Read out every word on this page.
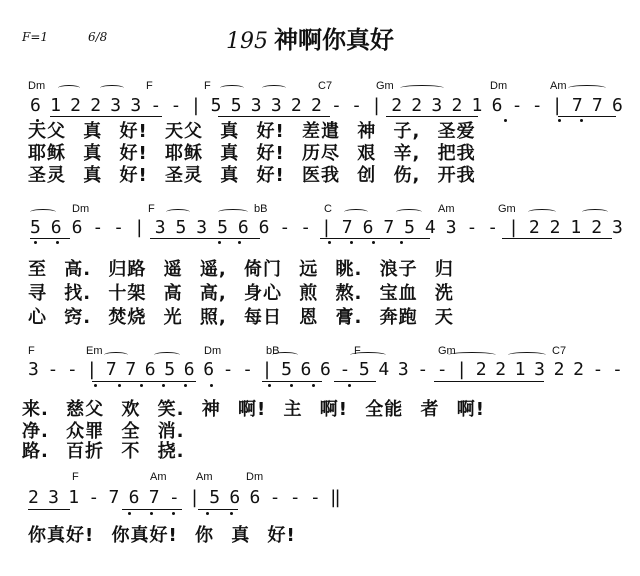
F=1	6/8	195 神啊你真好
Dm	F	F	C7	Gm	Dm	Am
6 1 2 2 3 3 - - | 5 5 3 3 2 2 - - | 2 2 3 2 1 6 - - | 7 7 6
天父 真 好! 天父 真 好! 差遣 神 子, 圣爱
耶稣 真 好! 耶稣 真 好! 历尽 艰 辛, 把我
圣灵 真 好! 圣灵 真 好! 医我 创 伤, 开我
Dm	F	bB	C	Am	Gm
5 6 6 - - | 3 5 3 5 6 6 - - | 7 6 7 5 4 3 - - | 2 2 1 2 3
至 高. 归路 遥 遥, 倚门 远 眺. 浪子 归
寻 找. 十架 高 高, 身心 煎 熬. 宝血 洗
心 窍. 焚烧 光 照, 每日 恩 膏. 奔跑 天
F	Em	Dm	bB	F	Gm	C7
3 - - | 7 7 6 5 6 6 - - | 5 6 6 - 5 4 3 - - | 2 2 1 3 2 2 - -
来. 慈父 欢 笑. 神 啊! 主 啊! 全能 者 啊!
净. 众罪 全 消.
路. 百折 不 挠.
F	Am	Am	Dm
2 3 1 - 7 6 7 - | 5 6 6 - - - ‖
你真好! 你真好! 你 真 好!
